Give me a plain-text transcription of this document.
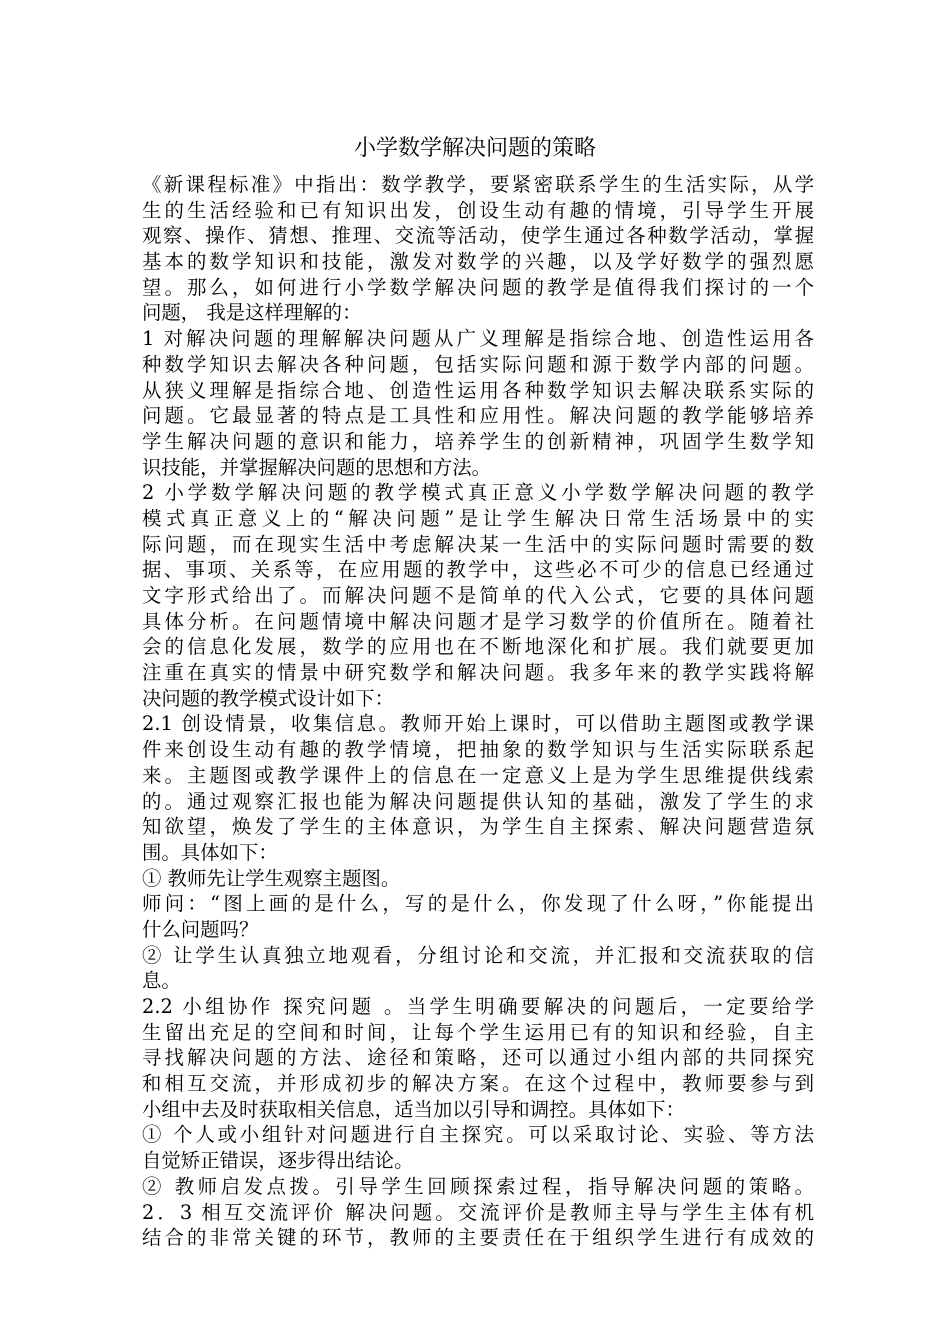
小学数学解决问题的策略
《新课程标准》中指出：数学教学，要紧密联系学生的生活实际，从学
生的生活经验和已有知识出发，创设生动有趣的情境，引导学生开展
观察、操作、猜想、推理、交流等活动，使学生通过各种数学活动，掌握
基本的数学知识和技能，激发对数学的兴趣，以及学好数学的强烈愿
望。那么，如何进行小学数学解决问题的教学是值得我们探讨的一个
问题， 我是这样理解的：
1 对解决问题的理解解决问题从广义理解是指综合地、创造性运用各
种数学知识去解决各种问题，包括实际问题和源于数学内部的问题。
从狭义理解是指综合地、创造性运用各种数学知识去解决联系实际的
问题。它最显著的特点是工具性和应用性。解决问题的教学能够培养
学生解决问题的意识和能力，培养学生的创新精神，巩固学生数学知
识技能，并掌握解决问题的思想和方法。
2 小学数学解决问题的教学模式真正意义小学数学解决问题的教学
模式真正意义上的“解决问题”是让学生解决日常生活场景中的实
际问题，而在现实生活中考虑解决某一生活中的实际问题时需要的数
据、事项、关系等，在应用题的教学中，这些必不可少的信息已经通过
文字形式给出了。而解决问题不是简单的代入公式，它要的具体问题
具体分析。在问题情境中解决问题才是学习数学的价值所在。随着社
会的信息化发展，数学的应用也在不断地深化和扩展。我们就要更加
注重在真实的情景中研究数学和解决问题。我多年来的教学实践将解
决问题的教学模式设计如下：
2.1 创设情景，收集信息。教师开始上课时，可以借助主题图或教学课
件来创设生动有趣的教学情境，把抽象的数学知识与生活实际联系起
来。主题图或教学课件上的信息在一定意义上是为学生思维提供线索
的。通过观察汇报也能为解决问题提供认知的基础，激发了学生的求
知欲望，焕发了学生的主体意识，为学生自主探索、解决问题营造氛
围。具体如下：
① 教师先让学生观察主题图。
师问：“图上画的是什么，写的是什么，你发现了什么呀，”你能提出
什么问题吗？
② 让学生认真独立地观看，分组讨论和交流，并汇报和交流获取的信
息。
2.2 小组协作 探究问题 。当学生明确要解决的问题后，一定要给学
生留出充足的空间和时间，让每个学生运用已有的知识和经验，自主
寻找解决问题的方法、途径和策略，还可以通过小组内部的共同探究
和相互交流，并形成初步的解决方案。在这个过程中，教师要参与到
小组中去及时获取相关信息，适当加以引导和调控。具体如下：
① 个人或小组针对问题进行自主探究。可以采取讨论、实验、等方法
自觉矫正错误，逐步得出结论。
② 教师启发点拨。引导学生回顾探索过程，指导解决问题的策略。
2．3 相互交流评价 解决问题。交流评价是教师主导与学生主体有机
结合的非常关键的环节，教师的主要责任在于组织学生进行有成效的
